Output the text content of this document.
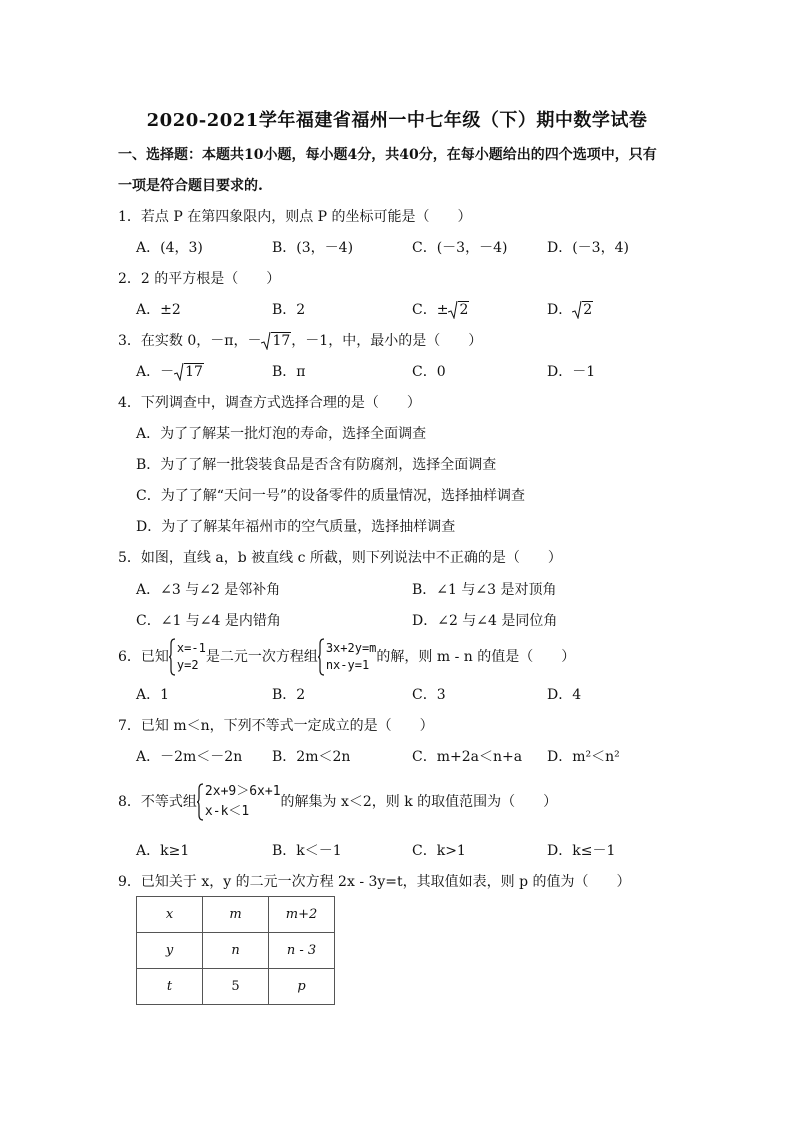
2020-2021学年福建省福州一中七年级（下）期中数学试卷
一、选择题：本题共10小题，每小题4分，共40分，在每小题给出的四个选项中，只有
一项是符合题目要求的.
1．若点 P 在第四象限内，则点 P 的坐标可能是（　　）
A．(4，3)	B．(3，－4)	C．(－3，－4)	D．(－3，4)
2．2 的平方根是（　　）
A．±2	B．2	C．± 2	D． 2
3．在实数 0，－π，－ 17，－1，中，最小的是（　　）
A．－ 17	B．π	C．0	D．－1
4．下列调查中，调查方式选择合理的是（　　）
A．为了了解某一批灯泡的寿命，选择全面调查
B．为了了解一批袋装食品是否含有防腐剂，选择全面调查
C．为了了解“天问一号”的设备零件的质量情况，选择抽样调查
D．为了了解某年福州市的空气质量，选择抽样调查
5．如图，直线 a，b 被直线 c 所截，则下列说法中不正确的是（　　）
A．∠3 与∠2 是邻补角	B．∠1 与∠3 是对顶角
C．∠1 与∠4 是内错角	D．∠2 与∠4 是同位角
6．已知
x=-1
y=2 是二元一次方程组
3x+2y=m
nx-y=1 的解，则 m - n 的值是（　　）
A．1	B．2	C．3	D．4
7．已知 m＜n，下列不等式一定成立的是（　　）
A．－2m＜－2n B．2m＜2n	C．m+2a＜n+a D．m²＜n²
8．不等式组
2x+9＞6x+1
x-k＜1
的解集为 x＜2，则 k 的取值范围为（　　）
A．k≥1	B．k＜－1	C．k>1	D．k≤－1
9．已知关于 x，y 的二元一次方程 2x - 3y=t，其取值如表，则 p 的值为（　　）
x	m	m+2
y	n	n - 3
t	5	p
